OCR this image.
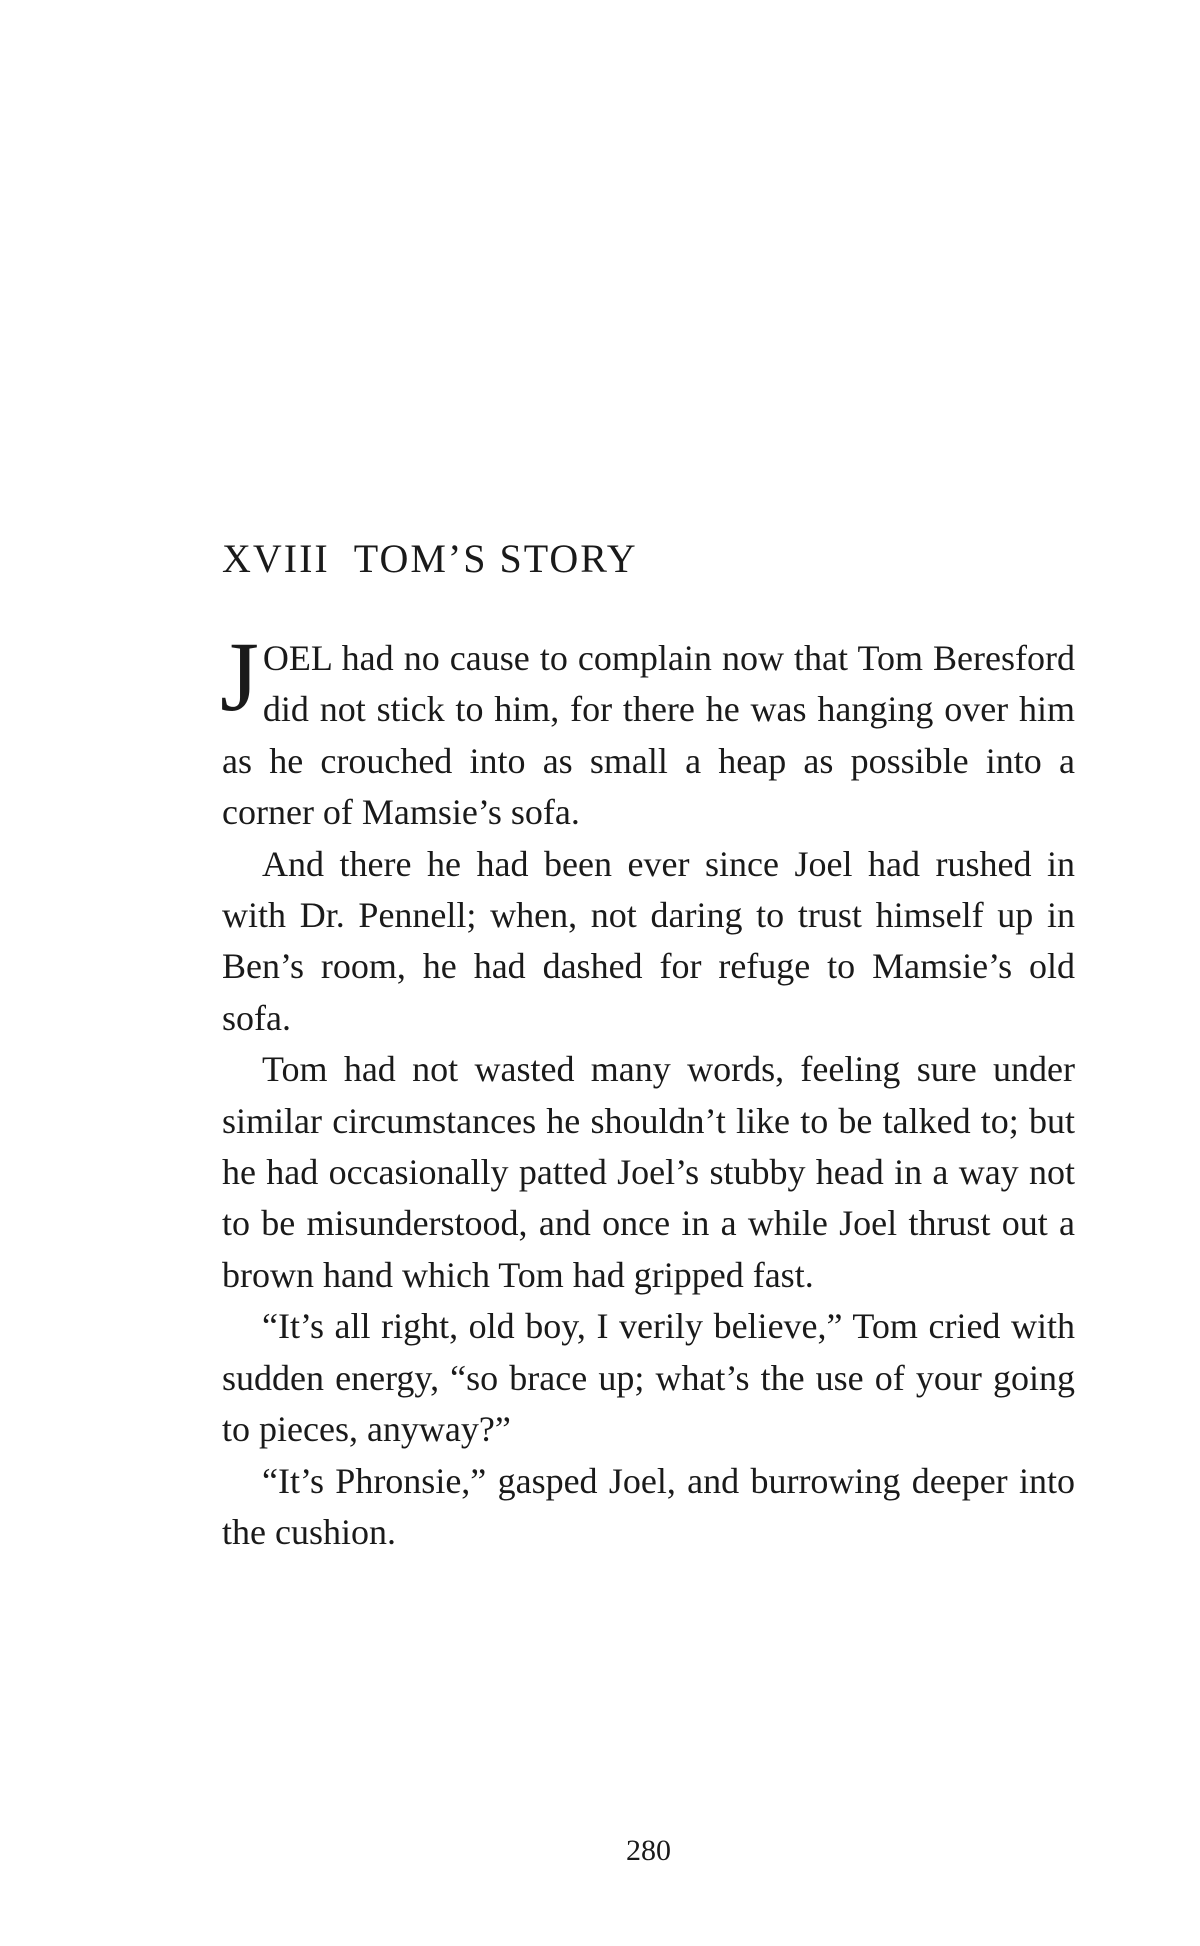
XVIII TOM’S STORY

JOEL had no cause to complain now that Tom Beresford did not stick to him, for there he was hanging over him as he crouched into as small a heap as possible into a corner of Mamsie’s sofa.

And there he had been ever since Joel had rushed in with Dr. Pennell; when, not daring to trust himself up in Ben’s room, he had dashed for refuge to Mamsie’s old sofa.

Tom had not wasted many words, feeling sure under similar circumstances he shouldn’t like to be talked to; but he had occasionally patted Joel’s stubby head in a way not to be misunderstood, and once in a while Joel thrust out a brown hand which Tom had gripped fast.

“It’s all right, old boy, I verily believe,” Tom cried with sudden energy, “so brace up; what’s the use of your going to pieces, anyway?”

“It’s Phronsie,” gasped Joel, and burrowing deeper into the cushion.

280
